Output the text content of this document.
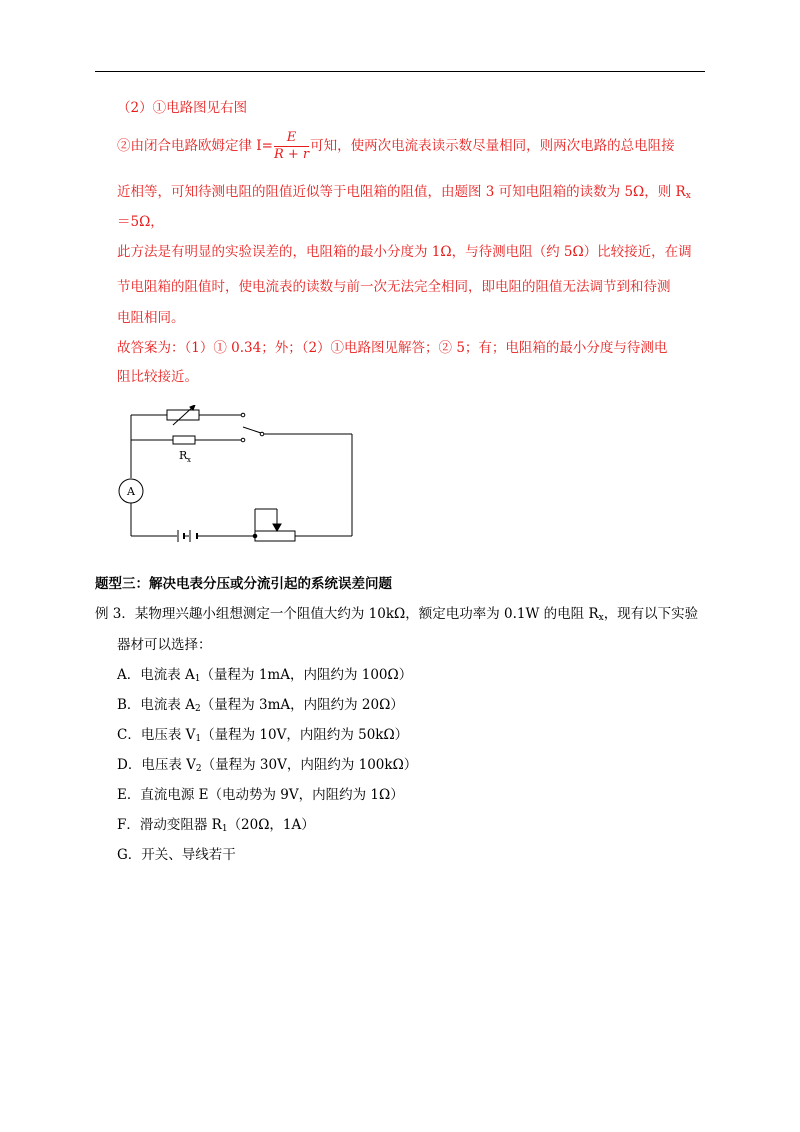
（2）①电路图见右图
②由闭合电路欧姆定律 $I= \frac{E}{R + r}$ 可知，使两次电流表读示数尽量相同，则两次电路的总电阻接
近相等，可知待测电阻的阻值近似等于电阻箱的阻值，由题图 3 可知电阻箱的读数为 5Ω，则 $R_x$
＝5Ω，
此方法是有明显的实验误差的，电阻箱的最小分度为 1Ω，与待测电阻（约 5Ω）比较接近，在调
节电阻箱的阻值时，使电流表的读数与前一次无法完全相同，即电阻的阻值无法调节到和待测
电阻相同。
故答案为：（1）① 0.34；外；（2）①电路图见解答；② 5；有；电阻箱的最小分度与待测电
阻比较接近。
R x
A
题型三：解决电表分压或分流引起的系统误差问题
例 3．某物理兴趣小组想测定一个阻值大约为 10kΩ，额定电功率为 0.1W 的电阻 $R_x$，现有以下实验
器材可以选择：
A．电流表 $A_1$（量程为 1mA，内阻约为 100Ω）
B．电流表 $A_2$（量程为 3mA，内阻约为 20Ω）
C．电压表 $V_1$（量程为 10V，内阻约为 50kΩ）
D．电压表 $V_2$（量程为 30V，内阻约为 100kΩ）
E．直流电源 E（电动势为 9V，内阻约为 1Ω）
F．滑动变阻器 $R_1(20\Omega$，1A）
G．开关、导线若干
